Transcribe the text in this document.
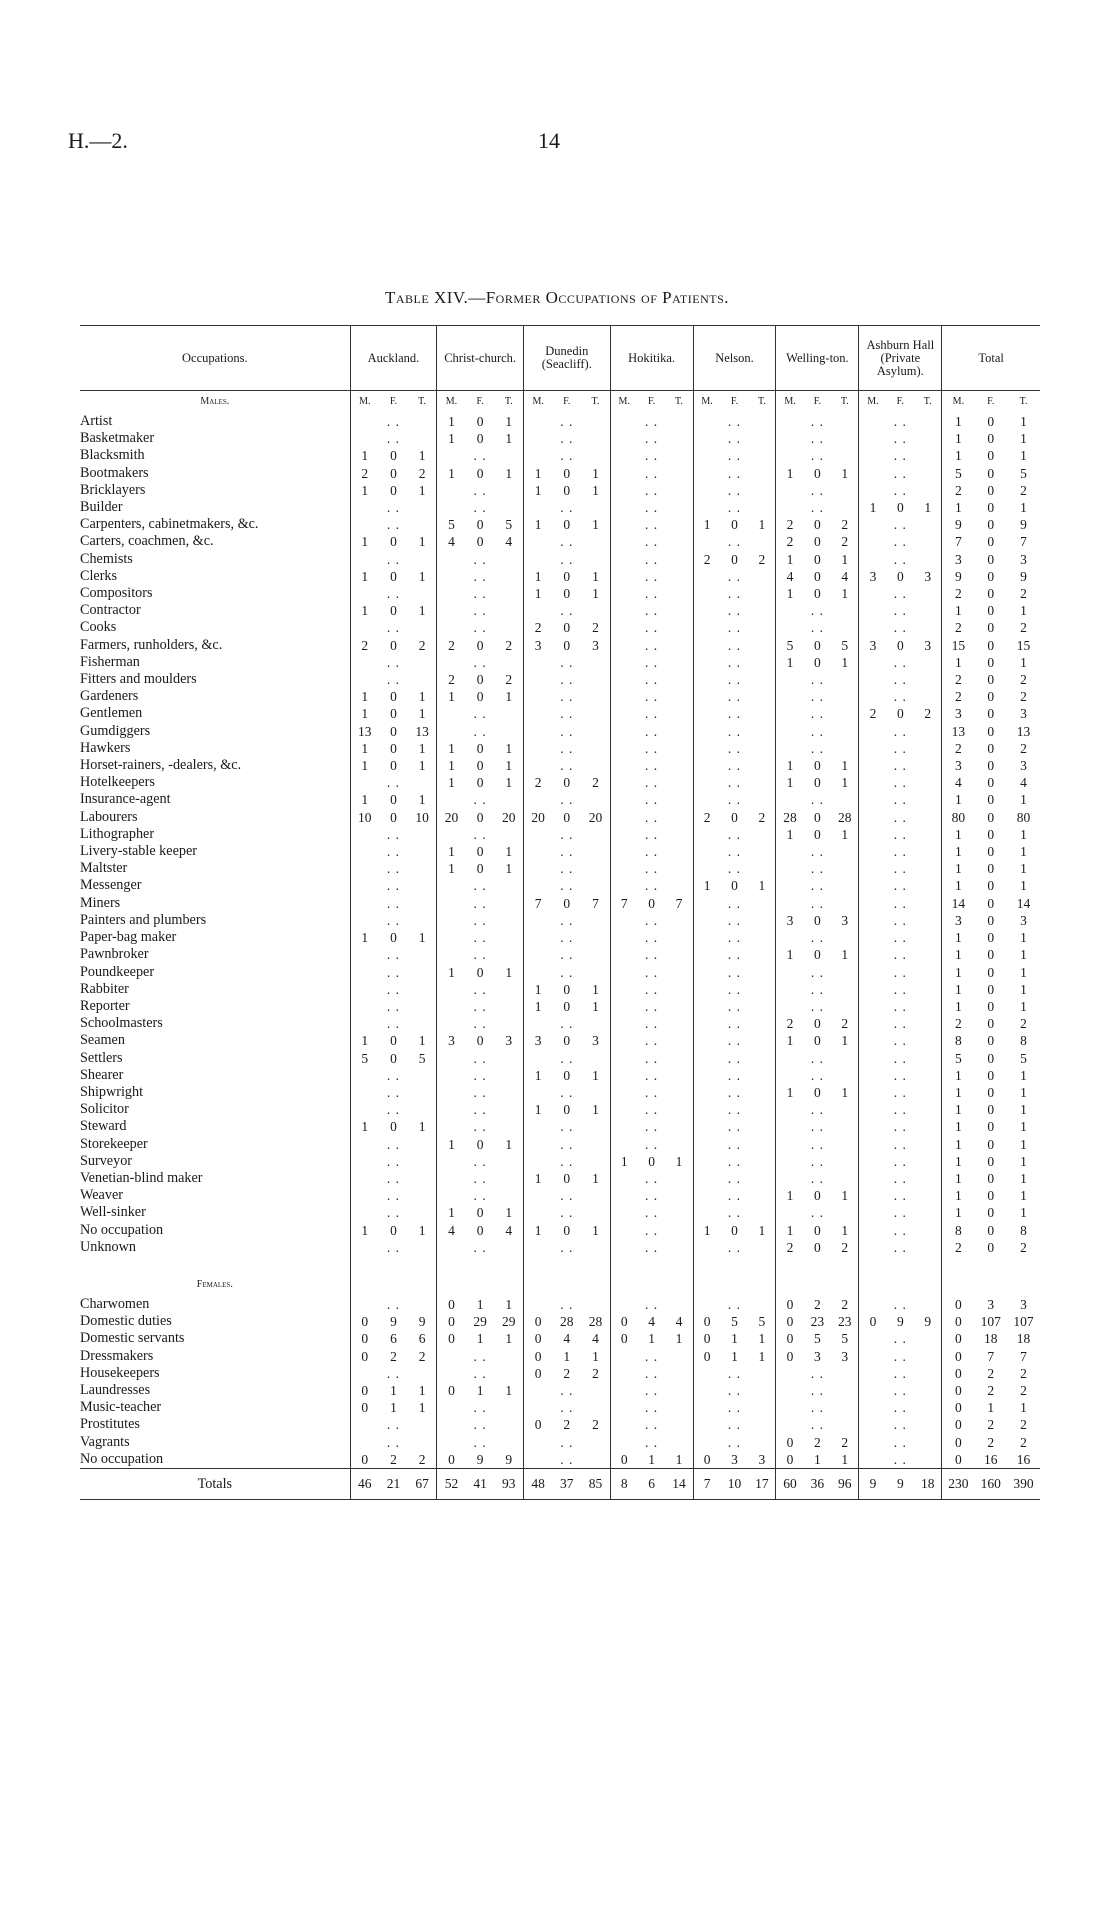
H.—2.	14
Table XIV.—Former Occupations of Patients.
Occupations.	Auckland.			Christ-church.			Dunedin (Seacliff).			Hokitika.			Nelson.			Welling-ton.			Ashburn Hall (Private Asylum).			Total		
Males.	M.	F.	T.	M.	F.	T.	M.	F.	T.	M.	F.	T.	M.	F.	T.	M.	F.	T.	M.	F.	T.	M.	F.	T.
Artist		. .		1	0	1		. .			. .			. .			. .			. .		1	0	1
Basketmaker		. .		1	0	1		. .			. .			. .			. .			. .		1	0	1
Blacksmith	1	0	1		. .			. .			. .			. .			. .			. .		1	0	1
Bootmakers	2	0	2	1	0	1	1	0	1		. .			. .		1	0	1		. .		5	0	5
Bricklayers	1	0	1		. .		1	0	1		. .			. .			. .			. .		2	0	2
Builder		. .			. .			. .			. .			. .			. .		1	0	1	1	0	1
Carpenters, cabinetmakers, &c.		. .		5	0	5	1	0	1		. .		1	0	1	2	0	2		. .		9	0	9
Carters, coachmen, &c.	1	0	1	4	0	4		. .			. .			. .		2	0	2		. .		7	0	7
Chemists		. .			. .			. .			. .		2	0	2	1	0	1		. .		3	0	3
Clerks	1	0	1		. .		1	0	1		. .			. .		4	0	4	3	0	3	9	0	9
Compositors		. .			. .		1	0	1		. .			. .		1	0	1		. .		2	0	2
Contractor	1	0	1		. .			. .			. .			. .			. .			. .		1	0	1
Cooks		. .			. .		2	0	2		. .			. .			. .			. .		2	0	2
Farmers, runholders, &c.	2	0	2	2	0	2	3	0	3		. .			. .		5	0	5	3	0	3	15	0	15
Fisherman		. .			. .			. .			. .			. .		1	0	1		. .		1	0	1
Fitters and moulders		. .		2	0	2		. .			. .			. .			. .			. .		2	0	2
Gardeners	1	0	1	1	0	1		. .			. .			. .			. .			. .		2	0	2
Gentlemen	1	0	1		. .			. .			. .			. .			. .		2	0	2	3	0	3
Gumdiggers	13	0	13		. .			. .			. .			. .			. .			. .		13	0	13
Hawkers	1	0	1	1	0	1		. .			. .			. .			. .			. .		2	0	2
Horset-rainers, -dealers, &c.	1	0	1	1	0	1		. .			. .			. .		1	0	1		. .		3	0	3
Hotelkeepers		. .		1	0	1	2	0	2		. .			. .		1	0	1		. .		4	0	4
Insurance-agent	1	0	1		. .			. .			. .			. .			. .			. .		1	0	1
Labourers	10	0	10	20	0	20	20	0	20		. .		2	0	2	28	0	28		. .		80	0	80
Lithographer		. .			. .			. .			. .			. .		1	0	1		. .		1	0	1
Livery-stable keeper		. .		1	0	1		. .			. .			. .			. .			. .		1	0	1
Maltster		. .		1	0	1		. .			. .			. .			. .			. .		1	0	1
Messenger		. .			. .			. .			. .		1	0	1		. .			. .		1	0	1
Miners		. .			. .		7	0	7	7	0	7		. .			. .			. .		14	0	14
Painters and plumbers		. .			. .			. .			. .			. .		3	0	3		. .		3	0	3
Paper-bag maker	1	0	1		. .			. .			. .			. .			. .			. .		1	0	1
Pawnbroker		. .			. .			. .			. .			. .		1	0	1		. .		1	0	1
Poundkeeper		. .		1	0	1		. .			. .			. .			. .			. .		1	0	1
Rabbiter		. .			. .		1	0	1		. .			. .			. .			. .		1	0	1
Reporter		. .			. .		1	0	1		. .			. .			. .			. .		1	0	1
Schoolmasters		. .			. .			. .			. .			. .		2	0	2		. .		2	0	2
Seamen	1	0	1	3	0	3	3	0	3		. .			. .		1	0	1		. .		8	0	8
Settlers	5	0	5		. .			. .			. .			. .			. .			. .		5	0	5
Shearer		. .			. .		1	0	1		. .			. .			. .			. .		1	0	1
Shipwright		. .			. .			. .			. .			. .		1	0	1		. .		1	0	1
Solicitor		. .			. .		1	0	1		. .			. .			. .			. .		1	0	1
Steward	1	0	1		. .			. .			. .			. .			. .			. .		1	0	1
Storekeeper		. .		1	0	1		. .			. .			. .			. .			. .		1	0	1
Surveyor		. .			. .			. .		1	0	1		. .			. .			. .		1	0	1
Venetian-blind maker		. .			. .		1	0	1		. .			. .			. .			. .		1	0	1
Weaver		. .			. .			. .			. .			. .		1	0	1		. .		1	0	1
Well-sinker		. .		1	0	1		. .			. .			. .			. .			. .		1	0	1
No occupation	1	0	1	4	0	4	1	0	1		. .		1	0	1	1	0	1		. .		8	0	8
Unknown		. .			. .			. .			. .			. .		2	0	2		. .		2	0	2

Females.																								
Charwomen		. .		0	1	1		. .			. .			. .		0	2	2		. .		0	3	3
Domestic duties	0	9	9	0	29	29	0	28	28	0	4	4	0	5	5	0	23	23	0	9	9	0	107	107
Domestic servants	0	6	6	0	1	1	0	4	4	0	1	1	0	1	1	0	5	5		. .		0	18	18
Dressmakers	0	2	2		. .		0	1	1		. .		0	1	1	0	3	3		. .		0	7	7
Housekeepers		. .			. .		0	2	2		. .			. .			. .			. .		0	2	2
Laundresses	0	1	1	0	1	1		. .			. .			. .			. .			. .		0	2	2
Music-teacher	0	1	1		. .			. .			. .			. .			. .			. .		0	1	1
Prostitutes		. .			. .		0	2	2		. .			. .			. .			. .		0	2	2
Vagrants		. .			. .			. .			. .			. .		0	2	2		. .		0	2	2
No occupation	0	2	2	0	9	9		. .		0	1	1	0	3	3	0	1	1		. .		0	16	16
Totals	46	21	67	52	41	93	48	37	85	8	6	14	7	10	17	60	36	96	9	9	18	230	160	390
